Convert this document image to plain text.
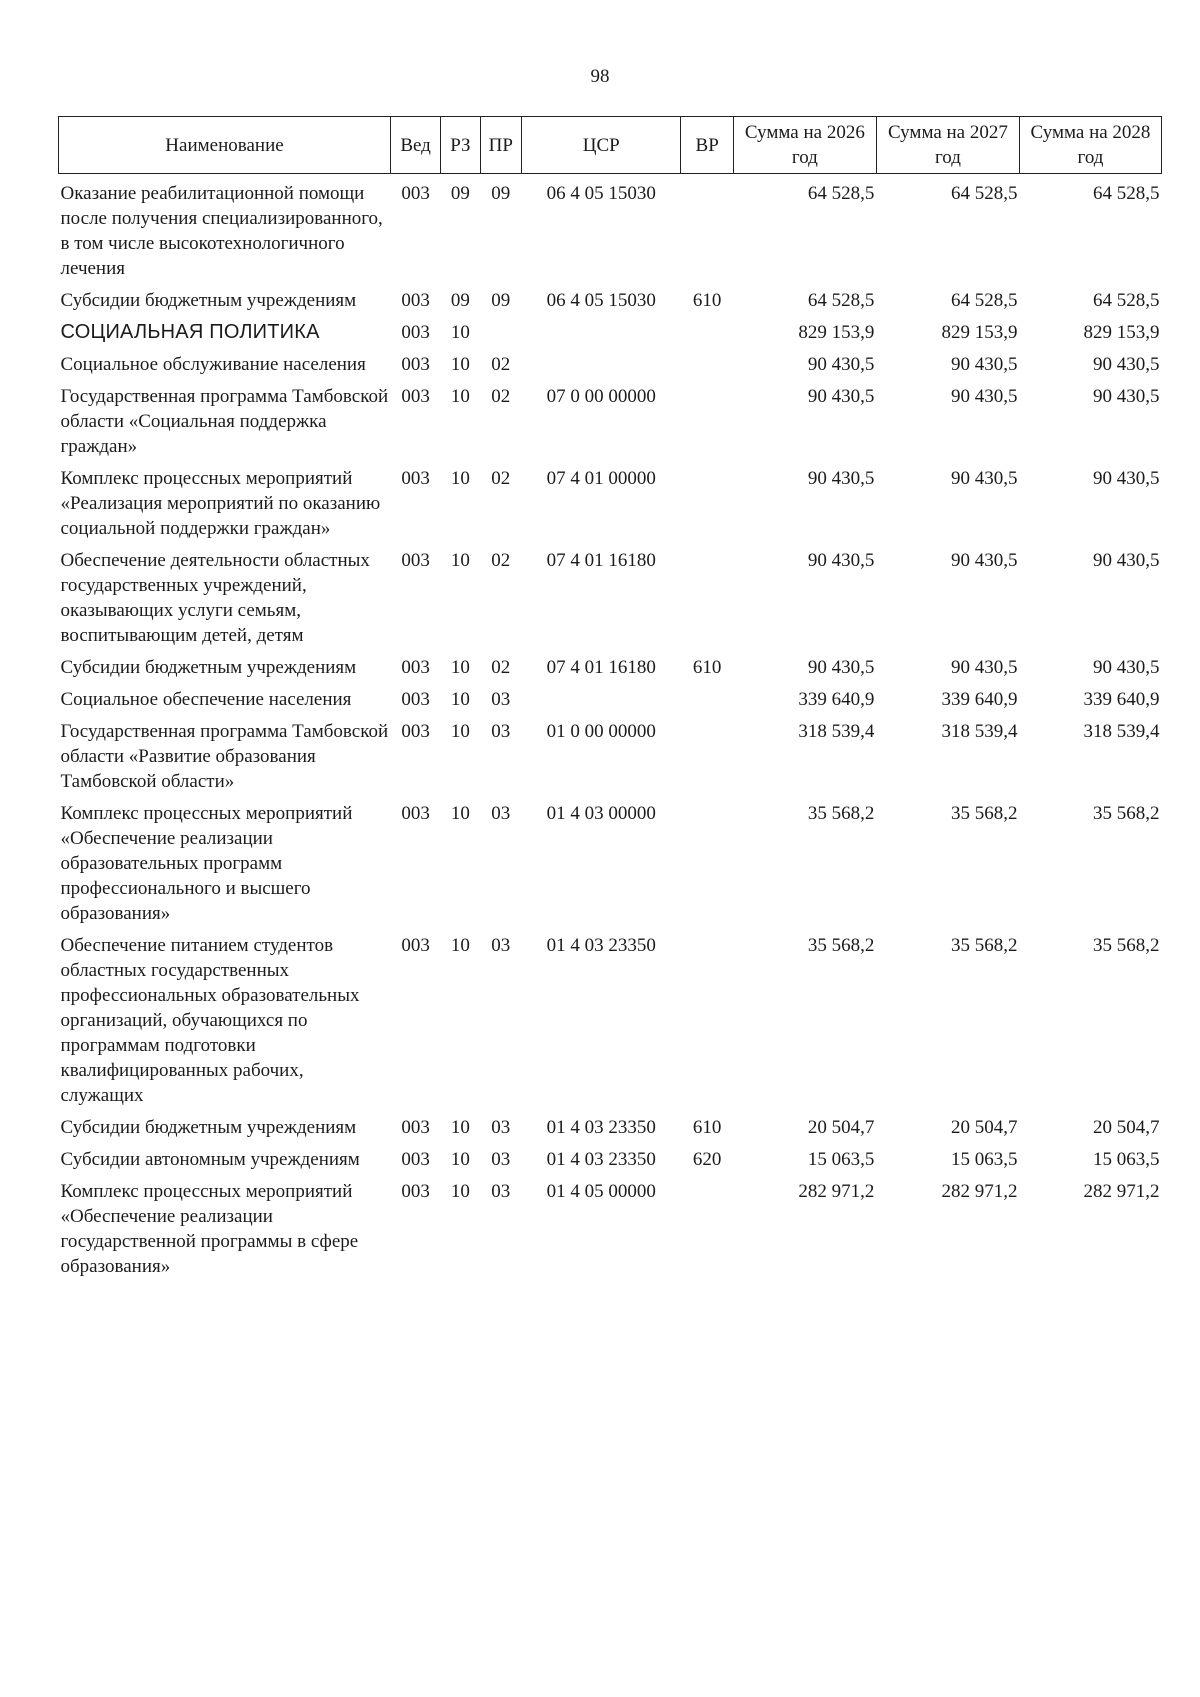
98
Наименование	Вед	РЗ	ПР	ЦСР	ВР	Сумма на 2026 год	Сумма на 2027 год	Сумма на 2028 год
Оказание реабилитационной помощи после получения специализированного, в том числе высокотехнологичного лечения	003	09	09	06 4 05 15030		64 528,5	64 528,5	64 528,5
Субсидии бюджетным учреждениям	003	09	09	06 4 05 15030	610	64 528,5	64 528,5	64 528,5
СОЦИАЛЬНАЯ ПОЛИТИКА	003	10				829 153,9	829 153,9	829 153,9
Социальное обслуживание населения	003	10	02			90 430,5	90 430,5	90 430,5
Государственная программа Тамбовской области «Социальная поддержка граждан»	003	10	02	07 0 00 00000		90 430,5	90 430,5	90 430,5
Комплекс процессных мероприятий «Реализация мероприятий по оказанию социальной поддержки граждан»	003	10	02	07 4 01 00000		90 430,5	90 430,5	90 430,5
Обеспечение деятельности областных государственных учреждений, оказывающих услуги семьям, воспитывающим детей, детям	003	10	02	07 4 01 16180		90 430,5	90 430,5	90 430,5
Субсидии бюджетным учреждениям	003	10	02	07 4 01 16180	610	90 430,5	90 430,5	90 430,5
Социальное обеспечение населения	003	10	03			339 640,9	339 640,9	339 640,9
Государственная программа Тамбовской области «Развитие образования Тамбовской области»	003	10	03	01 0 00 00000		318 539,4	318 539,4	318 539,4
Комплекс процессных мероприятий «Обеспечение реализации образовательных программ профессионального и высшего образования»	003	10	03	01 4 03 00000		35 568,2	35 568,2	35 568,2
Обеспечение питанием студентов областных государственных профессиональных образовательных организаций, обучающихся по программам подготовки квалифицированных рабочих, служащих	003	10	03	01 4 03 23350		35 568,2	35 568,2	35 568,2
Субсидии бюджетным учреждениям	003	10	03	01 4 03 23350	610	20 504,7	20 504,7	20 504,7
Субсидии автономным учреждениям	003	10	03	01 4 03 23350	620	15 063,5	15 063,5	15 063,5
Комплекс процессных мероприятий «Обеспечение реализации государственной программы в сфере образования»	003	10	03	01 4 05 00000		282 971,2	282 971,2	282 971,2
